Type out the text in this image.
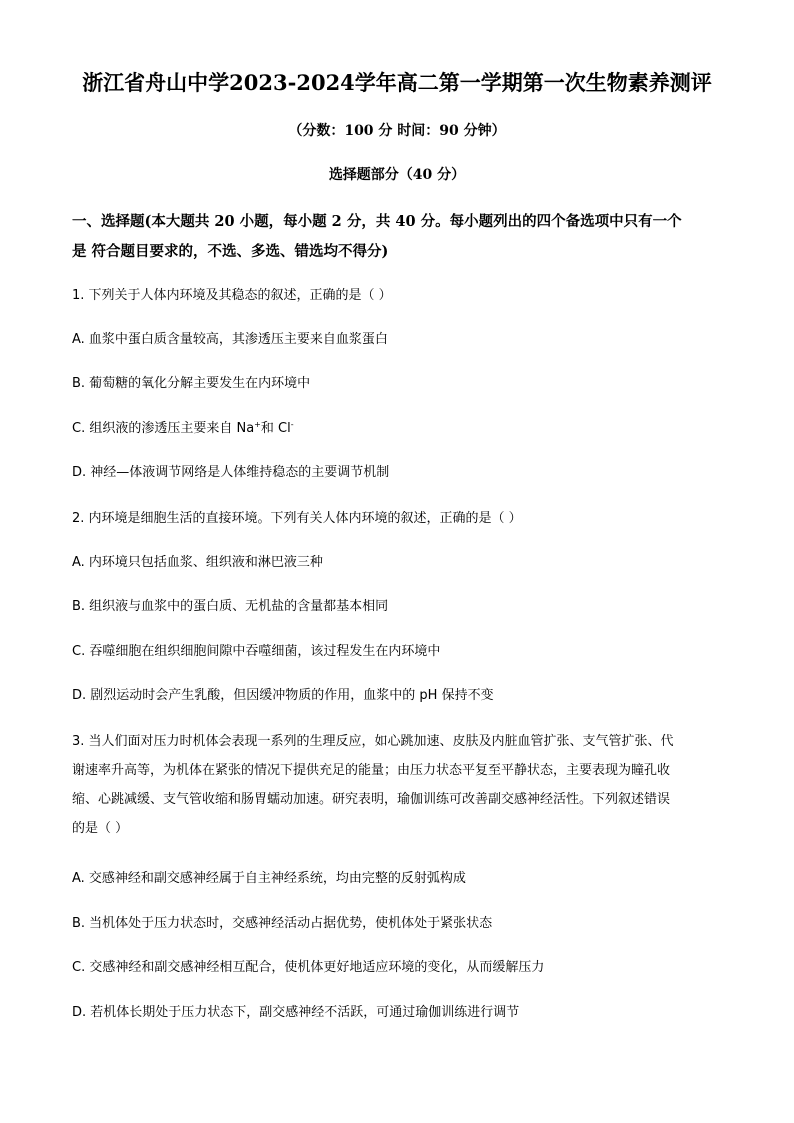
浙江省舟山中学2023-2024学年高二第一学期第一次生物素养测评
（分数：100 分 时间：90 分钟）
选择题部分（40 分）
一、选择题(本大题共 20 小题，每小题 2 分，共 40 分。每小题列出的四个备选项中只有一个
是 符合题目要求的，不选、多选、错选均不得分)
1. 下列关于人体内环境及其稳态的叙述，正确的是（ ）
A. 血浆中蛋白质含量较高，其渗透压主要来自血浆蛋白
B. 葡萄糖的氧化分解主要发生在内环境中
C. 组织液的渗透压主要来自 Na+和 Cl-
D. 神经—体液调节网络是人体维持稳态的主要调节机制
2. 内环境是细胞生活的直接环境。下列有关人体内环境的叙述，正确的是（ ）
A. 内环境只包括血浆、组织液和淋巴液三种
B. 组织液与血浆中的蛋白质、无机盐的含量都基本相同
C. 吞噬细胞在组织细胞间隙中吞噬细菌，该过程发生在内环境中
D. 剧烈运动时会产生乳酸，但因缓冲物质的作用，血浆中的 pH 保持不变
3. 当人们面对压力时机体会表现一系列的生理反应，如心跳加速、皮肤及内脏血管扩张、支气管扩张、代
谢速率升高等，为机体在紧张的情况下提供充足的能量；由压力状态平复至平静状态，主要表现为瞳孔收
缩、心跳减缓、支气管收缩和肠胃蠕动加速。研究表明，瑜伽训练可改善副交感神经活性。下列叙述错误
的是（ ）
A. 交感神经和副交感神经属于自主神经系统，均由完整的反射弧构成
B. 当机体处于压力状态时，交感神经活动占据优势，使机体处于紧张状态
C. 交感神经和副交感神经相互配合，使机体更好地适应环境的变化，从而缓解压力
D. 若机体长期处于压力状态下，副交感神经不活跃，可通过瑜伽训练进行调节
